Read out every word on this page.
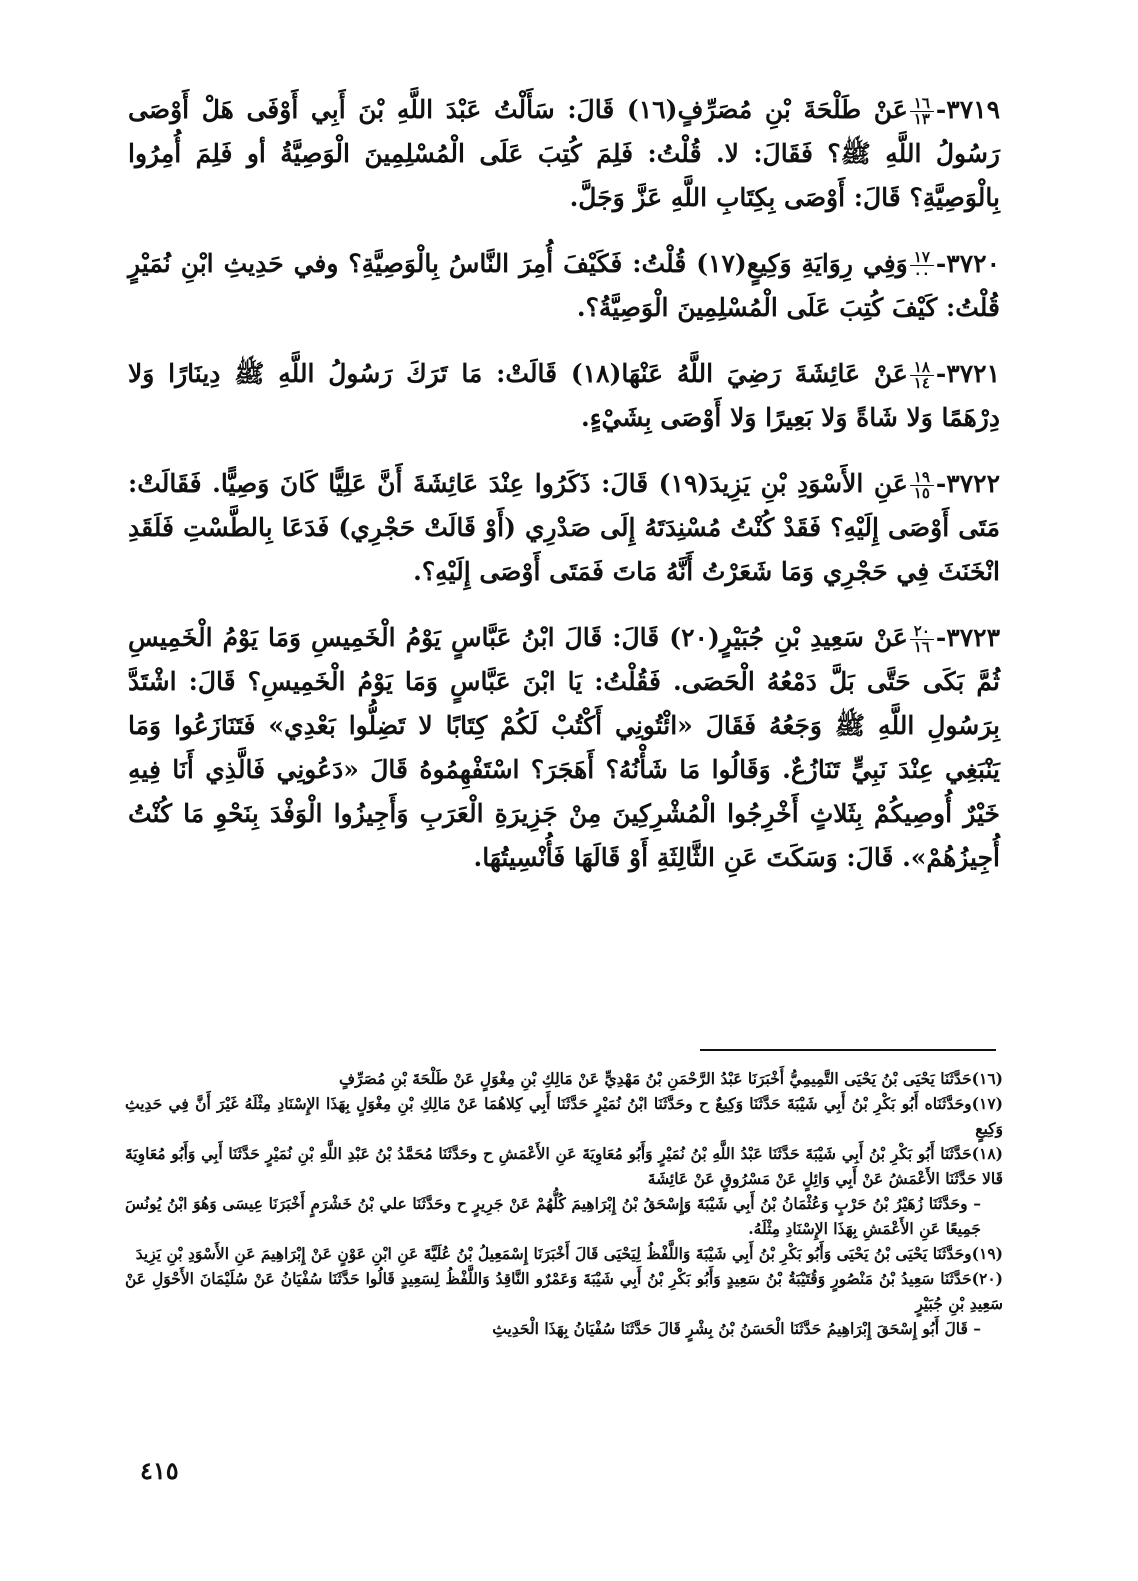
٣٧١٩-
$\frac{١٦}{١٣}$
عَنْ طَلْحَةَ بْنِ مُصَرِّفٍ(١٦) قَالَ: سَأَلْتُ عَبْدَ اللَّهِ بْنَ أَبِي أَوْفَى هَلْ أَوْصَى رَسُولُ اللَّهِ ﷺ؟ فَقَالَ: لا. قُلْتُ: فَلِمَ كُتِبَ عَلَى الْمُسْلِمِينَ الْوَصِيَّةُ أو فَلِمَ أُمِرُوا بِالْوَصِيَّةِ؟ قَالَ: أَوْصَى بِكِتَابِ اللَّهِ عَزَّ وَجَلَّ.

٣٧٢٠-
$\frac{١٧}{٠٠}$
وَفِي رِوَايَةِ وَكِيعٍ(١٧) قُلْتُ: فَكَيْفَ أُمِرَ النَّاسُ بِالْوَصِيَّةِ؟ وفي حَدِيثِ ابْنِ نُمَيْرٍ قُلْتُ: كَيْفَ كُتِبَ عَلَى الْمُسْلِمِينَ الْوَصِيَّةُ؟.

٣٧٢١-
$\frac{١٨}{١٤}$
عَنْ عَائِشَةَ رَضِيَ اللَّهُ عَنْهَا(١٨) قَالَتْ: مَا تَرَكَ رَسُولُ اللَّهِ ﷺ دِينَارًا وَلا دِرْهَمًا وَلا شَاةً وَلا بَعِيرًا وَلا أَوْصَى بِشَيْءٍ.

٣٧٢٢-
$\frac{١٩}{١٥}$
عَنِ الأَسْوَدِ بْنِ يَزِيدَ(١٩) قَالَ: ذَكَرُوا عِنْدَ عَائِشَةَ أَنَّ عَلِيًّا كَانَ وَصِيًّا. فَقَالَتْ: مَتَى أَوْصَى إِلَيْهِ؟ فَقَدْ كُنْتُ مُسْنِدَتَهُ إِلَى صَدْرِي (أَوْ قَالَتْ حَجْرِي) فَدَعَا بِالطَّسْتِ فَلَقَدِ انْخَنَثَ فِي حَجْرِي وَمَا شَعَرْتُ أَنَّهُ مَاتَ فَمَتَى أَوْصَى إِلَيْهِ؟.

٣٧٢٣-
$\frac{٢٠}{١٦}$
عَنْ سَعِيدِ بْنِ جُبَيْرٍ(٢٠) قَالَ: قَالَ ابْنُ عَبَّاسٍ يَوْمُ الْخَمِيسِ وَمَا يَوْمُ الْخَمِيسِ ثُمَّ بَكَى حَتَّى بَلَّ دَمْعُهُ الْحَصَى. فَقُلْتُ: يَا ابْنَ عَبَّاسٍ وَمَا يَوْمُ الْخَمِيسِ؟ قَالَ: اشْتَدَّ بِرَسُولِ اللَّهِ ﷺ وَجَعُهُ فَقَالَ «ائْتُونِي أَكْتُبْ لَكُمْ كِتَابًا لا تَضِلُّوا بَعْدِي» فَتَنَازَعُوا وَمَا يَنْبَغِي عِنْدَ نَبِيٍّ تَنَازُعٌ. وَقَالُوا مَا شَأْنُهُ؟ أَهَجَرَ؟ اسْتَفْهِمُوهُ قَالَ «دَعُونِي فَالَّذِي أَنَا فِيهِ خَيْرٌ أُوصِيكُمْ بِثَلاثٍ أَخْرِجُوا الْمُشْرِكِينَ مِنْ جَزِيرَةِ الْعَرَبِ وَأَجِيزُوا الْوَفْدَ بِنَحْوِ مَا كُنْتُ أُجِيزُهُمْ». قَالَ: وَسَكَتَ عَنِ الثَّالِثَةِ أَوْ قَالَهَا فَأُنْسِيتُهَا.

(١٦)حَدَّثَنَا يَحْيَى بْنُ يَحْيَى التَّمِيمِيُّ أَخْبَرَنَا عَبْدُ الرَّحْمَنِ بْنُ مَهْدِيٍّ عَنْ مَالِكِ بْنِ مِغْوَلٍ عَنْ طَلْحَةَ بْنِ مُصَرِّفٍ

(١٧)وحَدَّثَنَاه أَبُو بَكْرِ بْنُ أَبِي شَيْبَةَ حَدَّثَنَا وَكِيعٌ ح وحَدَّثَنَا ابْنُ نُمَيْرٍ حَدَّثَنَا أَبِي كِلاهُمَا عَنْ مَالِكِ بْنِ مِغْوَلٍ بِهَذَا الإِسْنَادِ مِثْلَهُ غَيْرَ أَنَّ فِي حَدِيثِ وَكِيعٍ

(١٨)حَدَّثَنَا أَبُو بَكْرِ بْنُ أَبِي شَيْبَةَ حَدَّثَنَا عَبْدُ اللَّهِ بْنُ نُمَيْرٍ وَأَبُو مُعَاوِيَةَ عَنِ الأَعْمَشِ ح وحَدَّثَنَا مُحَمَّدُ بْنُ عَبْدِ اللَّهِ بْنِ نُمَيْرٍ حَدَّثَنَا أَبِي وَأَبُو مُعَاوِيَةَ قَالا حَدَّثَنَا الأَعْمَشُ عَنْ أَبِي وَائِلٍ عَنْ مَسْرُوقٍ عَنْ عَائِشَةَ

– وحَدَّثَنَا زُهَيْرُ بْنُ حَرْبٍ وَعُثْمَانُ بْنُ أَبِي شَيْبَةَ وَإِسْحَقُ بْنُ إِبْرَاهِيمَ كُلُّهُمْ عَنْ جَرِيرٍ ح وحَدَّثَنَا علي بْنُ خَشْرَمٍ أَخْبَرَنَا عِيسَى وَهُوَ ابْنُ يُونُسَ جَمِيعًا عَنِ الأَعْمَشِ بِهَذَا الإِسْنَادِ مِثْلَهُ.

(١٩)وحَدَّثَنَا يَحْيَى بْنُ يَحْيَى وَأَبُو بَكْرِ بْنُ أَبِي شَيْبَةَ وَاللَّفْظُ لِيَحْيَى قَالَ أَخْبَرَنَا إِسْمَعِيلُ بْنُ عُلَيَّةَ عَنِ ابْنِ عَوْنٍ عَنْ إِبْرَاهِيمَ عَنِ الأَسْوَدِ بْنِ يَزِيدَ

(٢٠)حَدَّثَنَا سَعِيدُ بْنُ مَنْصُورٍ وَقُتَيْبَةُ بْنُ سَعِيدٍ وَأَبُو بَكْرِ بْنُ أَبِي شَيْبَةَ وَعَمْرٌو النَّاقِدُ وَاللَّفْظُ لِسَعِيدٍ قَالُوا حَدَّثَنَا سُفْيَانُ عَنْ سُلَيْمَانَ الأَحْوَلِ عَنْ سَعِيدِ بْنِ جُبَيْرٍ

– قَالَ أَبُو إِسْحَقَ إِبْرَاهِيمُ حَدَّثَنَا الْحَسَنُ بْنُ بِشْرٍ قَالَ حَدَّثَنَا سُفْيَانُ بِهَذَا الْحَدِيثِ

٤١٥
